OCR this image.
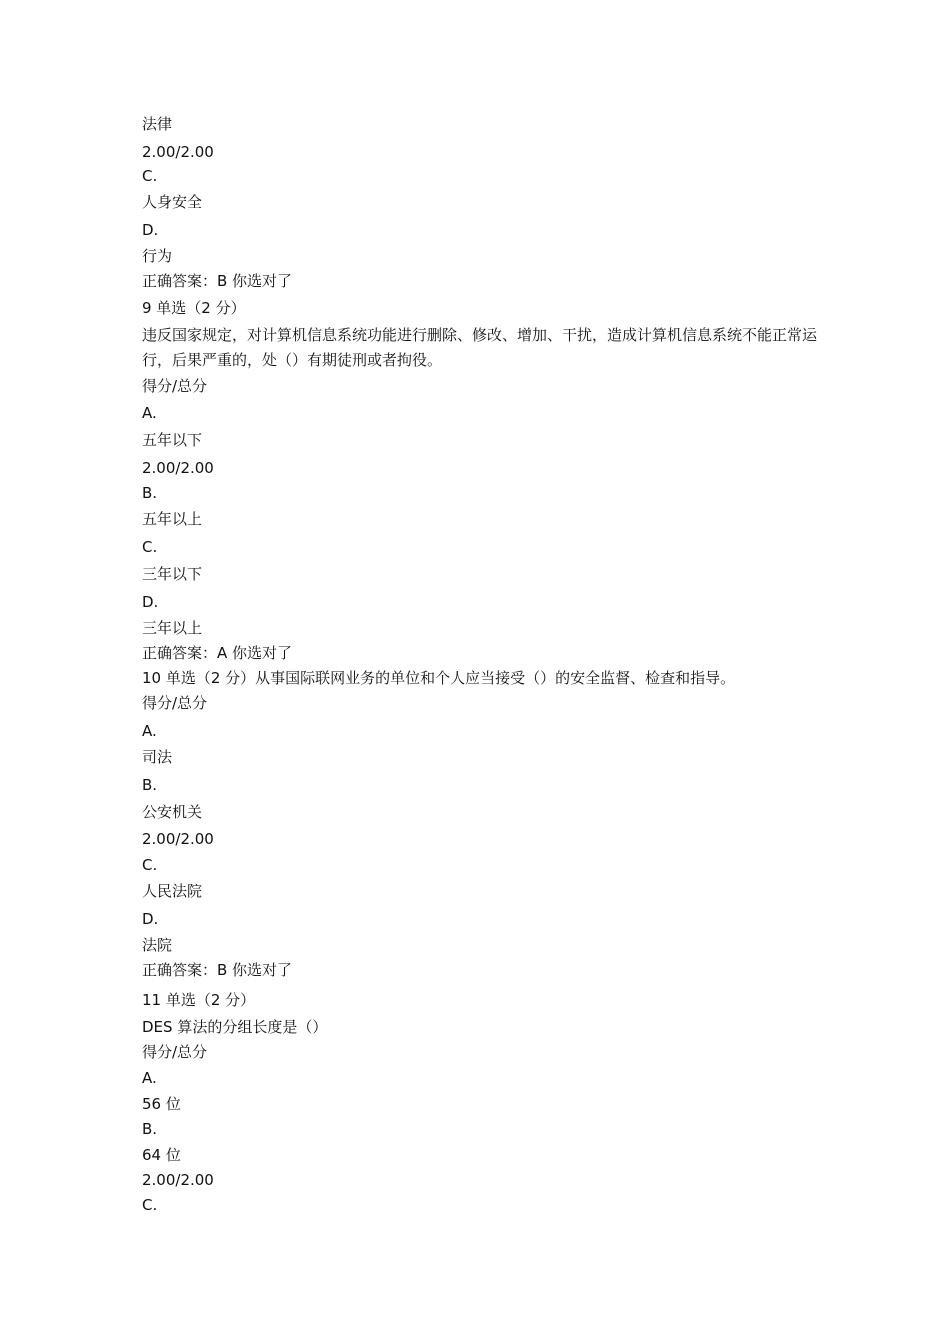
法律

2.00/2.00

C.

人身安全

D.

行为

正确答案：B 你选对了

9 单选（2 分）

违反国家规定，对计算机信息系统功能进行删除、修改、增加、干扰，造成计算机信息系统不能正常运行，后果严重的，处（）有期徒刑或者拘役。

得分/总分

A.

五年以下

2.00/2.00

B.

五年以上

C.

三年以下

D.

三年以上

正确答案：A 你选对了

10 单选（2 分）从事国际联网业务的单位和个人应当接受（）的安全监督、检查和指导。

得分/总分

A.

司法

B.

公安机关

2.00/2.00

C.

人民法院

D.

法院

正确答案：B 你选对了

11 单选（2 分）

DES 算法的分组长度是（）

得分/总分

A.

56 位

B.

64 位

2.00/2.00

C.
